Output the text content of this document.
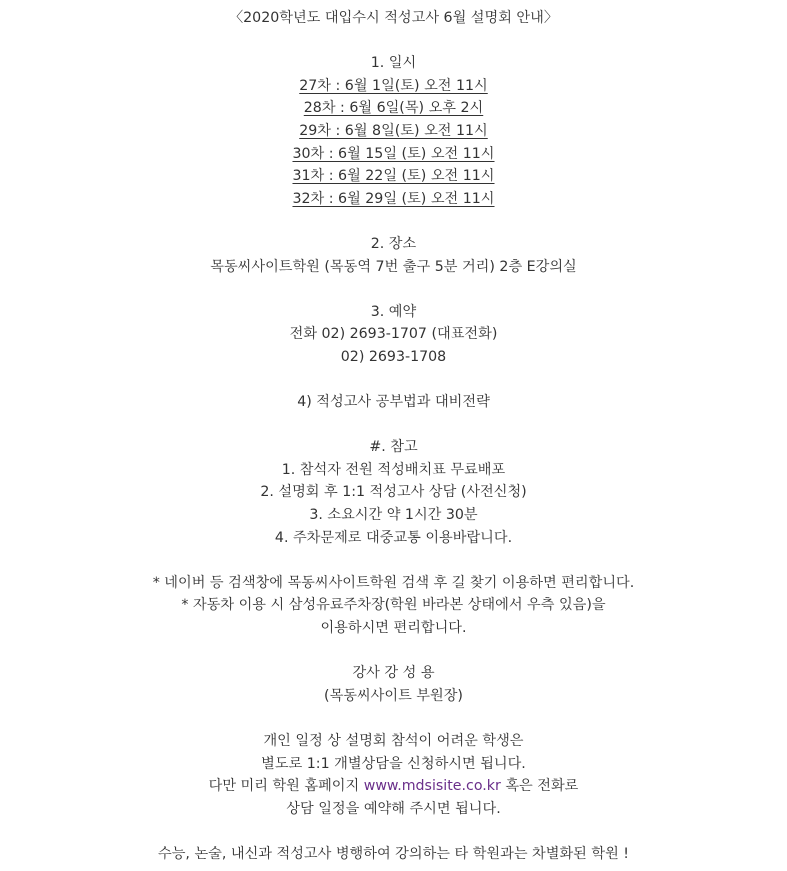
〈2020학년도 대입수시 적성고사 6월 설명회 안내〉
1. 일시
27차 : 6월 1일(토) 오전 11시
28차 : 6월 6일(목) 오후 2시
29차 : 6월 8일(토) 오전 11시
30차 : 6월 15일 (토) 오전 11시
31차 : 6월 22일 (토) 오전 11시
32차 : 6월 29일 (토) 오전 11시
2. 장소
목동씨사이트학원 (목동역 7번 출구 5분 거리) 2층 E강의실
3. 예약
전화 02) 2693-1707 (대표전화)
02) 2693-1708
4) 적성고사 공부법과 대비전략
#. 참고
1. 참석자 전원 적성배치표 무료배포
2. 설명회 후 1:1 적성고사 상담 (사전신청)
3. 소요시간 약 1시간 30분
4. 주차문제로 대중교통 이용바랍니다.
* 네이버 등 검색창에 목동씨사이트학원 검색 후 길 찾기 이용하면 편리합니다.
* 자동차 이용 시 삼성유료주차장(학원 바라본 상태에서 우측 있음)을
이용하시면 편리합니다.
강사 강 성 용
(목동씨사이트 부원장)
개인 일정 상 설명회 참석이 어려운 학생은
별도로 1:1 개별상담을 신청하시면 됩니다.
다만 미리 학원 홈페이지 www.mdsisite.co.kr 혹은 전화로
상담 일정을 예약해 주시면 됩니다.
수능, 논술, 내신과 적성고사 병행하여 강의하는 타 학원과는 차별화된 학원 !
